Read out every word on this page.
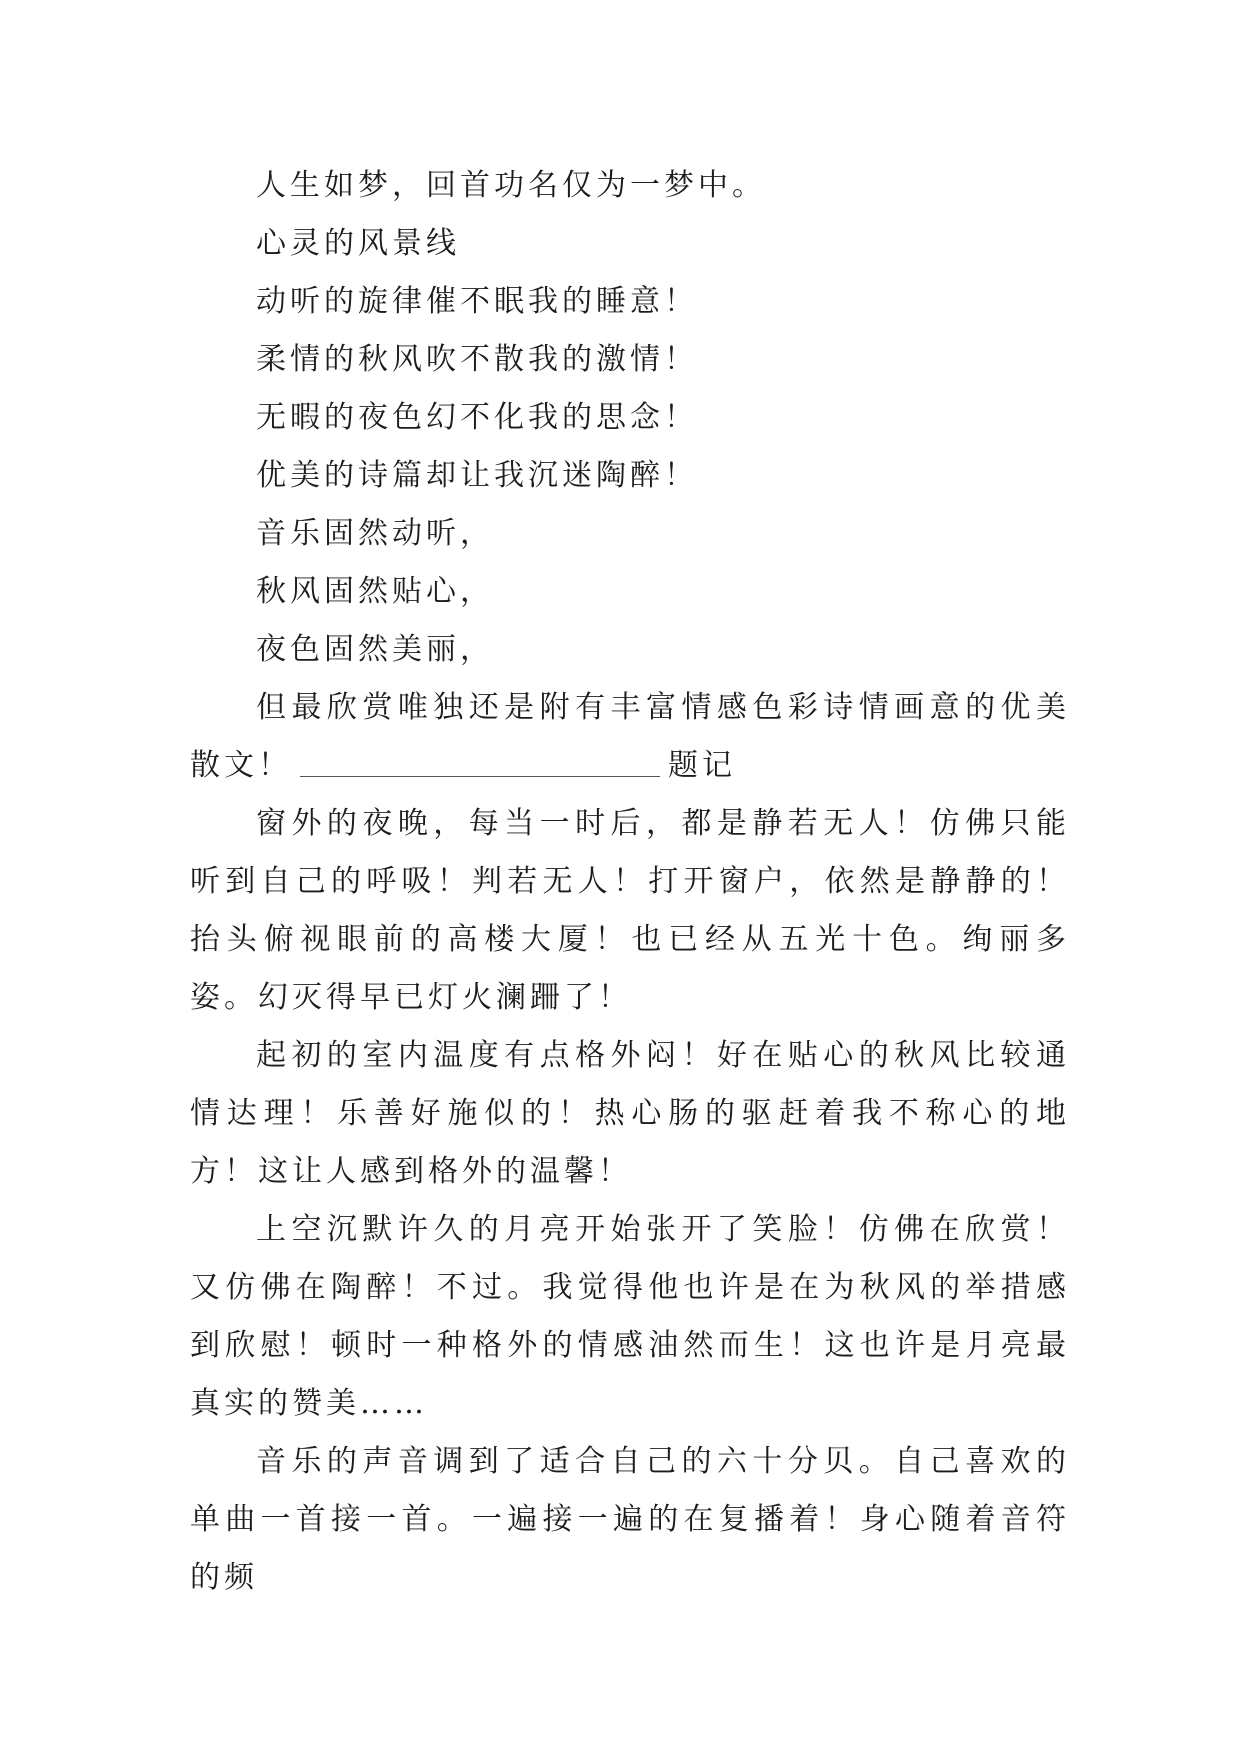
人生如梦，回首功名仅为一梦中。

心灵的风景线

动听的旋律催不眠我的睡意！

柔情的秋风吹不散我的激情！

无暇的夜色幻不化我的思念！

优美的诗篇却让我沉迷陶醉！

音乐固然动听，

秋风固然贴心，

夜色固然美丽，

但最欣赏唯独还是附有丰富情感色彩诗情画意的优美散文！	题记

窗外的夜晚，每当一时后，都是静若无人！仿佛只能听到自己的呼吸！判若无人！打开窗户，依然是静静的！抬头俯视眼前的高楼大厦！也已经从五光十色。绚丽多姿。幻灭得早已灯火澜跚了！

起初的室内温度有点格外闷！好在贴心的秋风比较通情达理！乐善好施似的！热心肠的驱赶着我不称心的地方！这让人感到格外的温馨！

上空沉默许久的月亮开始张开了笑脸！仿佛在欣赏！又仿佛在陶醉！不过。我觉得他也许是在为秋风的举措感到欣慰！顿时一种格外的情感油然而生！这也许是月亮最真实的赞美……

音乐的声音调到了适合自己的六十分贝。自己喜欢的单曲一首接一首。一遍接一遍的在复播着！身心随着音符的频
